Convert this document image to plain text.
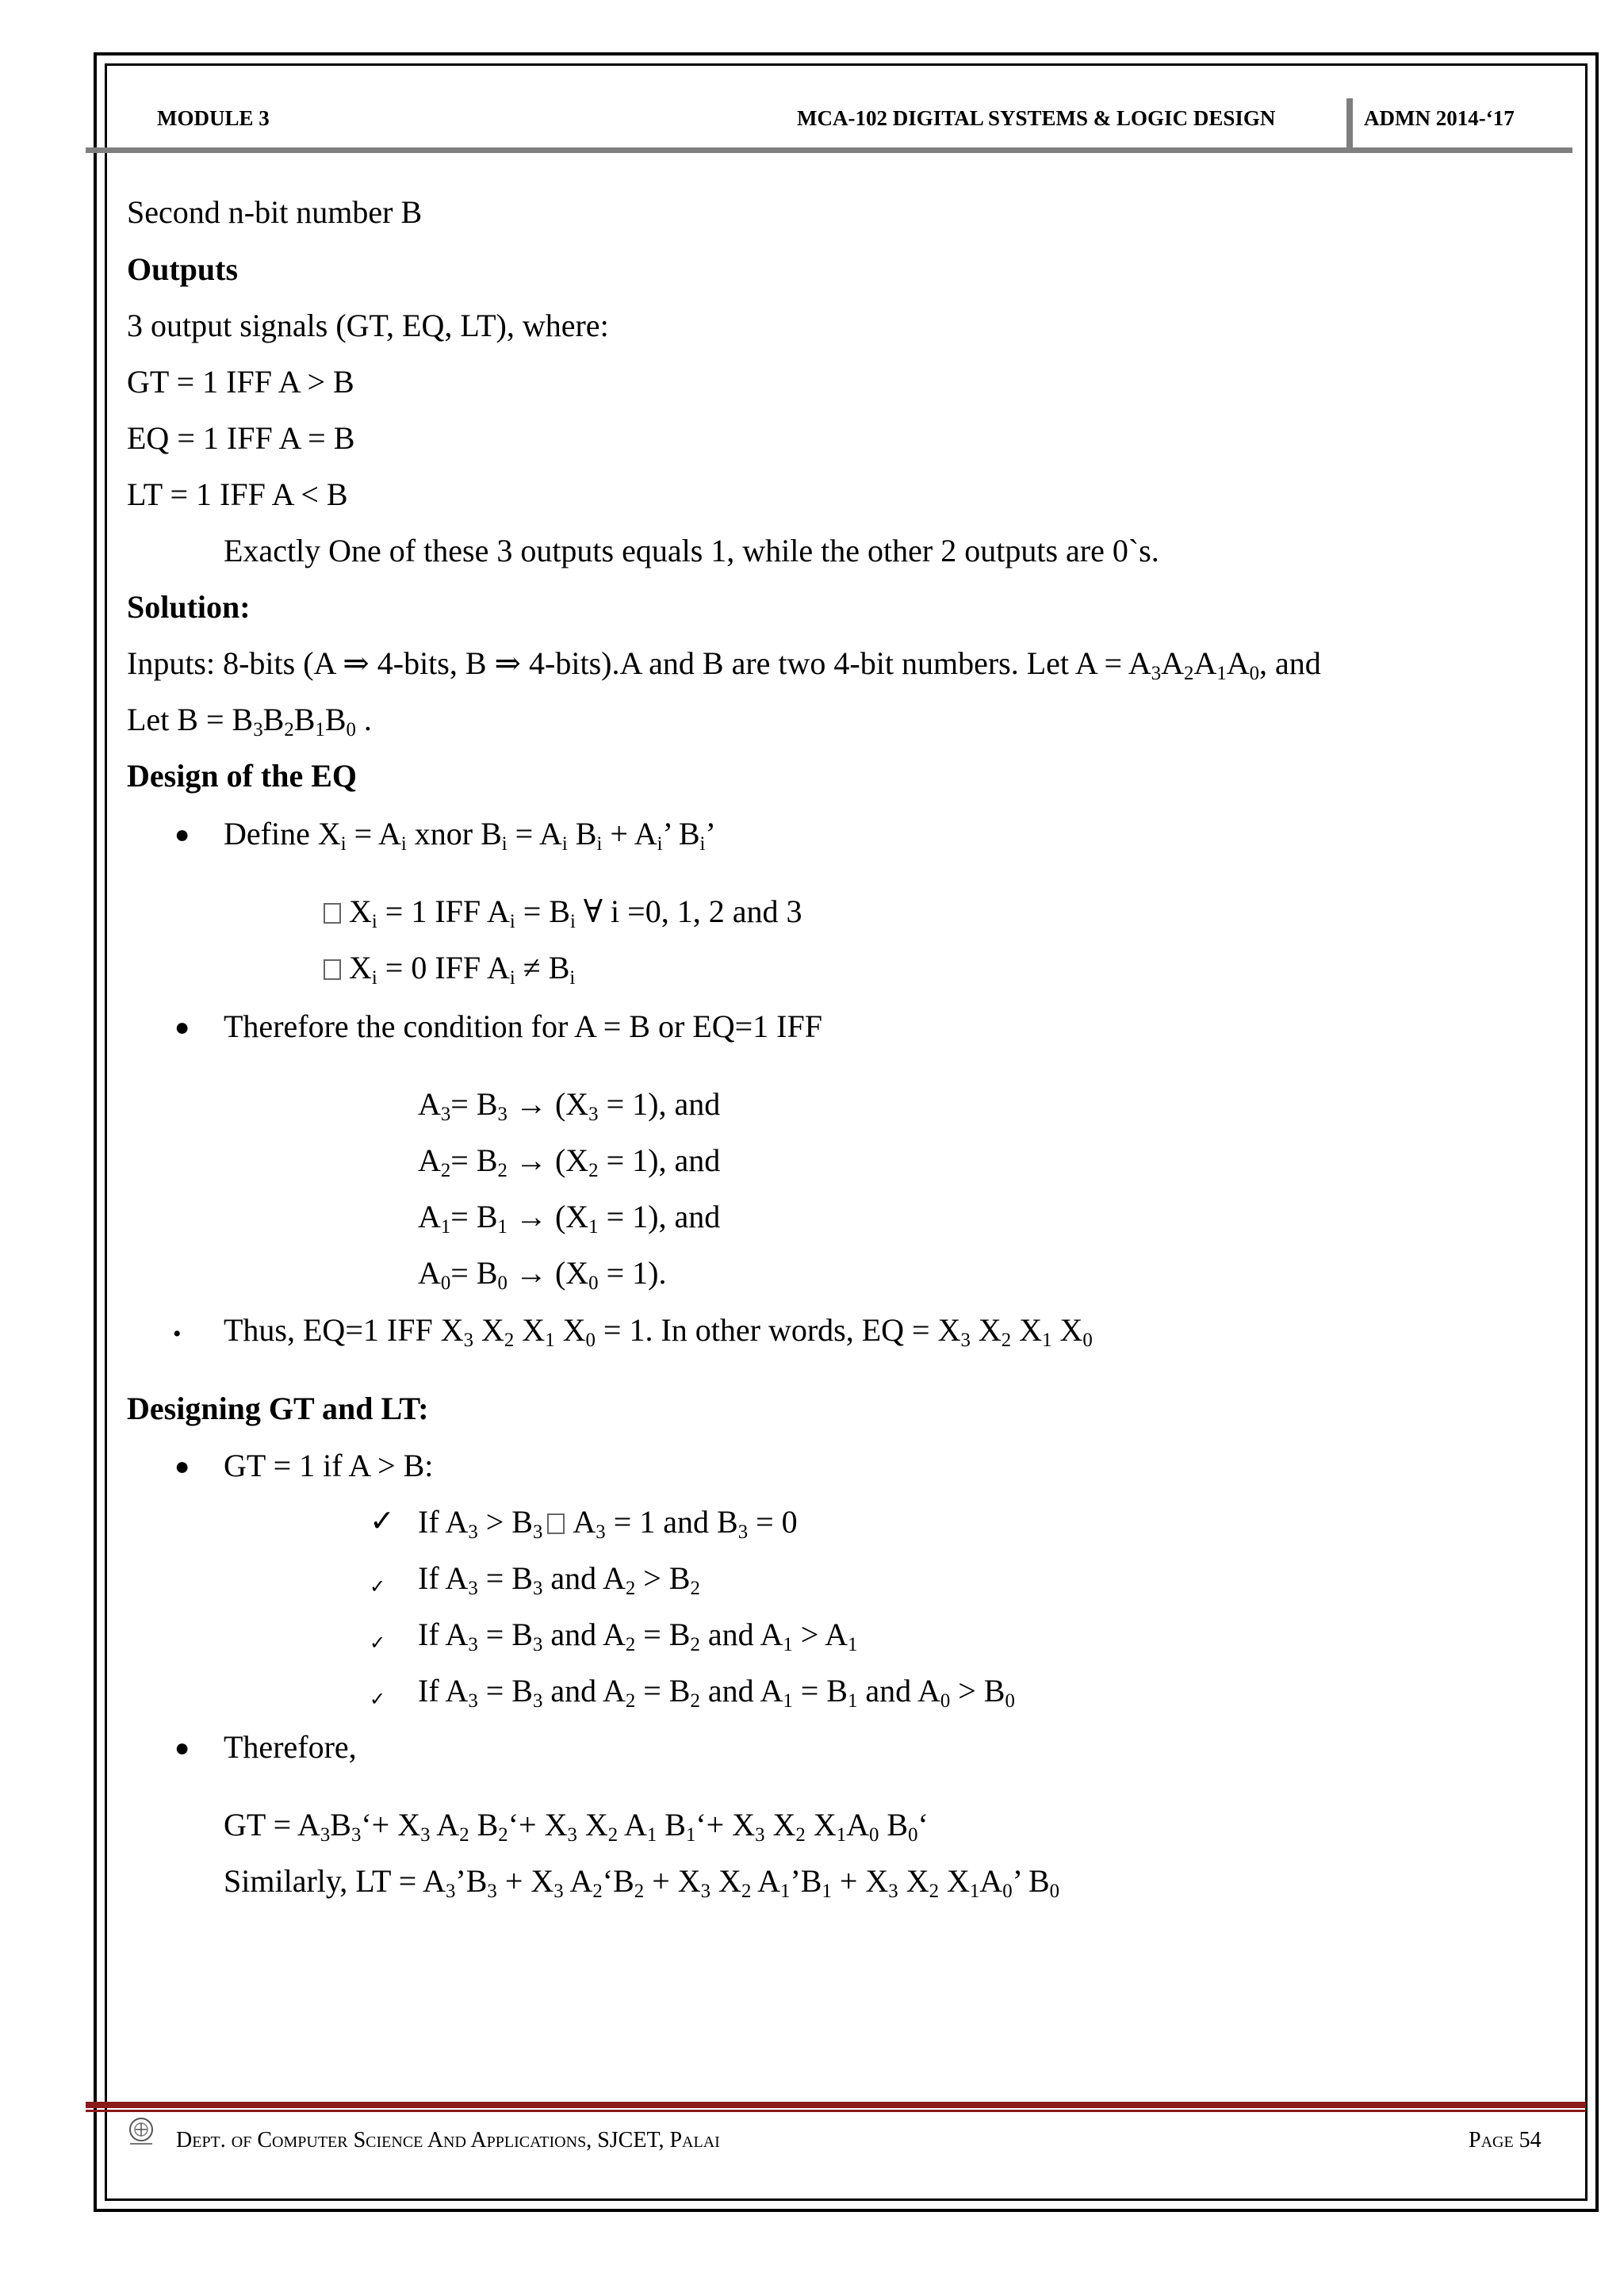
MODULE 3	MCA-102 DIGITAL SYSTEMS & LOGIC DESIGN	ADMN 2014-‘17
Second n-bit number B
Outputs
3 output signals (GT, EQ, LT), where:
GT = 1 IFF A > B
EQ = 1 IFF A = B
LT = 1 IFF A < B
Exactly One of these 3 outputs equals 1, while the other 2 outputs are 0`s.
Solution:
Inputs: 8-bits (A ⇒ 4-bits, B ⇒ 4-bits).A and B are two 4-bit numbers. Let $A = A_3A_2A_1A_0$, and
Let $B = B_3B_2B_1B_0$ .
Design of the EQ
● Define $X_i = A_i$ xnor $B_i = A_i$ $B_i + A_i$’ $B_i$’
$X_i = 1$ IFF $A_i = B_i$ ∀ i =0, 1, 2 and 3
$X_i = 0$ IFF $A_i \ne B_i$
● Therefore the condition for A = B or EQ=1 IFF
$A_3= B_3 \to (X_3 = 1)$, and
$A_2= B_2 \to (X_2 = 1)$, and
$A_1= B_1 \to (X_1 = 1)$, and
$A_0= B_0 \to (X_0 = 1)$.
• Thus, EQ=1 IFF $X_3$ $X_2$ $X_1$ $X_0 = 1$. In other words, EQ = $X_3$ $X_2$ $X_1$ $X_0$
Designing GT and LT:
● GT = 1 if A > B:
✓ If $A_3 > B_3$ $A_3 = 1$ and $B_3 = 0$
✓ If $A_3 = B_3$ and $A_2 > B_2$
✓ If $A_3 = B_3$ and $A_2 = B_2$ and $A_1 > A_1$
✓ If $A_3 = B_3$ and $A_2 = B_2$ and $A_1 = B_1$ and $A_0 > B_0$
● Therefore,
GT = $A_3B_3‘+ X_3$ $A_2$ $B_2‘+ X_3$ $X_2$ $A_1$ $B_1‘+ X_3$ $X_2$ $X_1A_0$ $B_0‘$
Similarly, LT = $A_3’B_3 + X_3$ $A_2‘B_2 + X_3$ $X_2$ $A_1’B_1 + X_3$ $X_2$ $X_1A_0$’ $B_0$
Dept. of Computer Science And Applications, SJCET, Palai	Page 54
